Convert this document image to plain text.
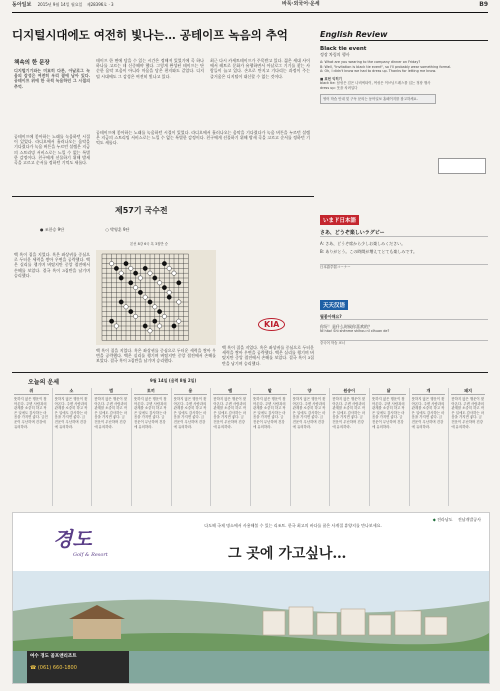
동아일보 2015년 9월 14일 월요일 제28396호 · 3	바둑·외국어·운세	B9
디지털시대에도 여전히 빛나는… 공테이프 녹음의 추억
책속의 한 문장
디지털기기와는 미묘히 다른, 아날로그 녹음의 감성은 여전히 우리 곁에 남아 있다. 공테이프 위에 한 곡씩 녹음하던 그 시절의 추억.
공테이프에 좋아하는 노래를 녹음하던 시절이 있었다. 라디오에서 흘러나오는 음악을 기다렸다가 녹음 버튼을 누르던 설렘은 지금의 스트리밍 서비스로는 느낄 수 없는 특별한 감정이다. 친구에게 선물하기 위해 밤새 곡을 고르고 순서를 정하던 기억도 새롭다.
테이프 한 면에 담을 수 있는 시간은 정해져 있었기에 곡 하나하나를 고르는 데 신중해야 했다. 그렇게 완성된 테이프는 단순한 음악 모음이 아니라 마음을 담은 편지와도 같았다. 디지털 시대에도 그 감성은 여전히 빛나고 있다.
최근 다시 카세트테이프가 주목받고 있다. 젊은 세대 사이에서 레트로 문화가 유행하면서 아날로그 기기를 찾는 사람들이 늘고 있다. 손으로 만지고 기다리는 과정이 주는 즐거움은 디지털이 대신할 수 없는 것이다.
공테이프에 좋아하는 노래를 녹음하던 시절이 있었다. 라디오에서 흘러나오는 음악을 기다렸다가 녹음 버튼을 누르던 설렘은 지금의 스트리밍 서비스로는 느낄 수 없는 특별한 감정이다. 친구에게 선물하기 위해 밤새 곡을 고르고 순서를 정하던 기억도 새롭다.
English Review
Black tie event
정장 차림의 행사
A: What are you wearing to the company dinner on Friday?
B: Well, "Invitation is black tie event", so I'll probably wear something formal.
A: Oh, I didn't know we had to dress up. Thanks for letting me know.
■ 표현 익히기
black tie: 남성은 검은 나비넥타이, 여성은 이브닝드레스를 입는 정장 행사
dress up: 옷을 차려입다
영어 학습 안내 및 구독 문의는 동아일보 홈페이지를 참고하세요.
いまド日本語
さあ、どうぞ楽しいラグビー
A: さあ、どうぞ席から少しお楽しみください。
B: ありがとう。この時間が増えてとても楽しみです。
日本語学習コーナー
天天汉语
뭘좋아해요?
你好！是什么时候你喜欢的？
Nǐ hǎo! Shì shénme shíhou nǐ xǐhuan de?
중국어 학습 코너
제57기 국수전
● 조한승 9단	○ 박영훈 9단
본선 8강 6국 흑 3집반 승
백 흑이 집을 지었다. 흑은 좌상귀를 중심으로 두터운 세력을 쌓아 우변을 공략했다. 백은 실리를 챙기며 버텼지만 중앙 접전에서 손해를 보았다. 결국 흑이 3집반을 남기며 승리했다.
백 흑이 집을 지었다. 흑은 좌상귀를 중심으로 두터운 세력을 쌓아 우변을 공략했다. 백은 실리를 챙기며 버텼지만 중앙 접전에서 손해를 보았다. 결국 흑이 3집반을 남기며 승리했다.
백 흑이 집을 지었다. 흑은 좌상귀를 중심으로 두터운 세력을 쌓아 우변을 공략했다. 백은 실리를 챙기며 버텼지만 중앙 접전에서 손해를 보았다. 결국 흑이 3집반을 남기며 승리했다.
KIA
오늘의 운세	9월 14일 (음력 8월 2일)
쥐
뜻하지 않은 행운이 찾아온다. 주변 사람과의 관계를 소중히 하고 작은 일에도 감사하는 마음을 가지면 좋다. 금전운이 무난하며 건강에 유의하라.
소
뜻하지 않은 행운이 찾아온다. 주변 사람과의 관계를 소중히 하고 작은 일에도 감사하는 마음을 가지면 좋다. 금전운이 무난하며 건강에 유의하라.
범
뜻하지 않은 행운이 찾아온다. 주변 사람과의 관계를 소중히 하고 작은 일에도 감사하는 마음을 가지면 좋다. 금전운이 무난하며 건강에 유의하라.
토끼
뜻하지 않은 행운이 찾아온다. 주변 사람과의 관계를 소중히 하고 작은 일에도 감사하는 마음을 가지면 좋다. 금전운이 무난하며 건강에 유의하라.
용
뜻하지 않은 행운이 찾아온다. 주변 사람과의 관계를 소중히 하고 작은 일에도 감사하는 마음을 가지면 좋다. 금전운이 무난하며 건강에 유의하라.
뱀
뜻하지 않은 행운이 찾아온다. 주변 사람과의 관계를 소중히 하고 작은 일에도 감사하는 마음을 가지면 좋다. 금전운이 무난하며 건강에 유의하라.
말
뜻하지 않은 행운이 찾아온다. 주변 사람과의 관계를 소중히 하고 작은 일에도 감사하는 마음을 가지면 좋다. 금전운이 무난하며 건강에 유의하라.
양
뜻하지 않은 행운이 찾아온다. 주변 사람과의 관계를 소중히 하고 작은 일에도 감사하는 마음을 가지면 좋다. 금전운이 무난하며 건강에 유의하라.
원숭이
뜻하지 않은 행운이 찾아온다. 주변 사람과의 관계를 소중히 하고 작은 일에도 감사하는 마음을 가지면 좋다. 금전운이 무난하며 건강에 유의하라.
닭
뜻하지 않은 행운이 찾아온다. 주변 사람과의 관계를 소중히 하고 작은 일에도 감사하는 마음을 가지면 좋다. 금전운이 무난하며 건강에 유의하라.
개
뜻하지 않은 행운이 찾아온다. 주변 사람과의 관계를 소중히 하고 작은 일에도 감사하는 마음을 가지면 좋다. 금전운이 무난하며 건강에 유의하라.
돼지
뜻하지 않은 행운이 찾아온다. 주변 사람과의 관계를 소중히 하고 작은 일에도 감사하는 마음을 가지면 좋다. 금전운이 무난하며 건강에 유의하라.
◆ 전라남도 전남개발공사
경도
Golf & Resort
다도해 국제 명소에서 사용해볼 수 있는 리조트. 한국 최고의 바다를 품은 사계절 휴양지를 만나보세요.
그 곳에 가고싶나…
여수 경도 골프앤리조트
☎ (061) 660-1800
